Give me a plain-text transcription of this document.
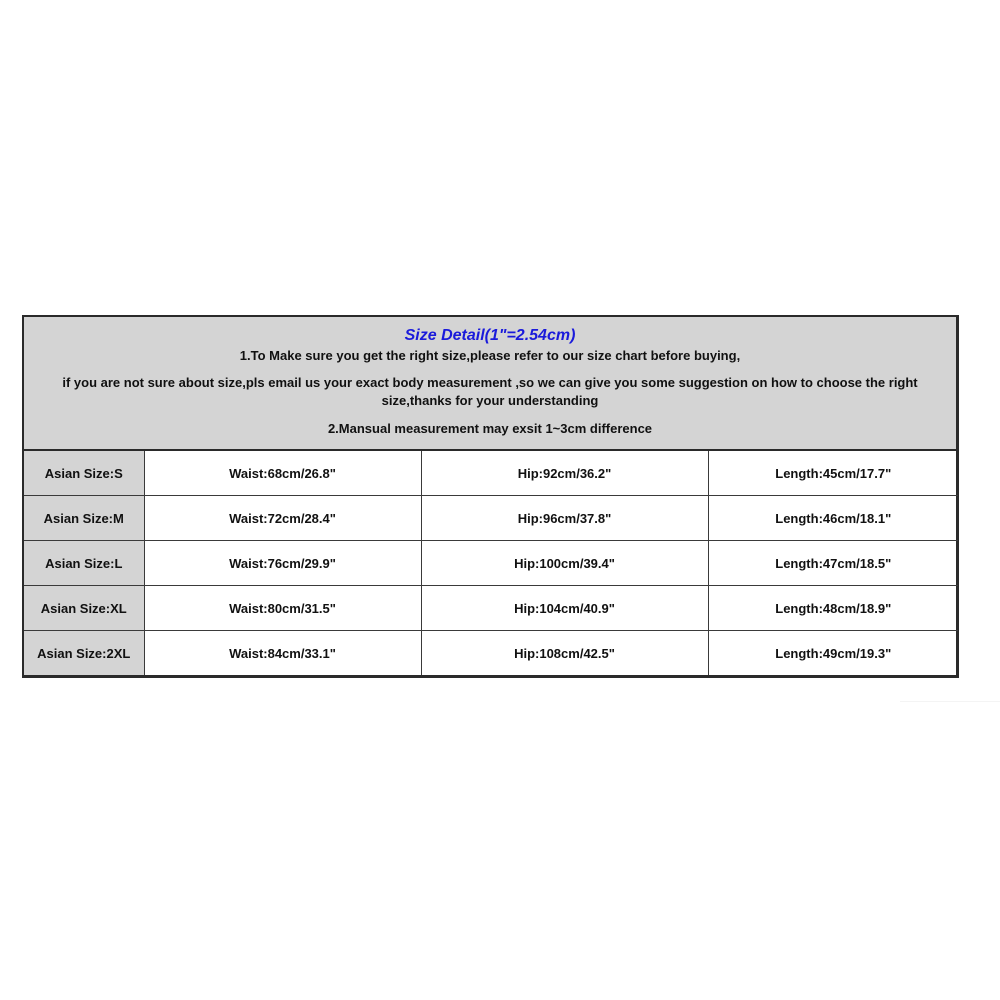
Size Detail(1"=2.54cm)
1.To Make sure you get the right size,please refer to our size chart before buying,
if you are not sure about size,pls email us your exact body measurement ,so we can give you some suggestion on how to choose the right size,thanks for your understanding
2.Mansual measurement may exsit 1~3cm difference
Asian Size:S	Waist:68cm/26.8"	Hip:92cm/36.2"	Length:45cm/17.7"
Asian Size:M	Waist:72cm/28.4"	Hip:96cm/37.8"	Length:46cm/18.1"
Asian Size:L	Waist:76cm/29.9"	Hip:100cm/39.4"	Length:47cm/18.5"
Asian Size:XL	Waist:80cm/31.5"	Hip:104cm/40.9"	Length:48cm/18.9"
Asian Size:2XL	Waist:84cm/33.1"	Hip:108cm/42.5"	Length:49cm/19.3"
